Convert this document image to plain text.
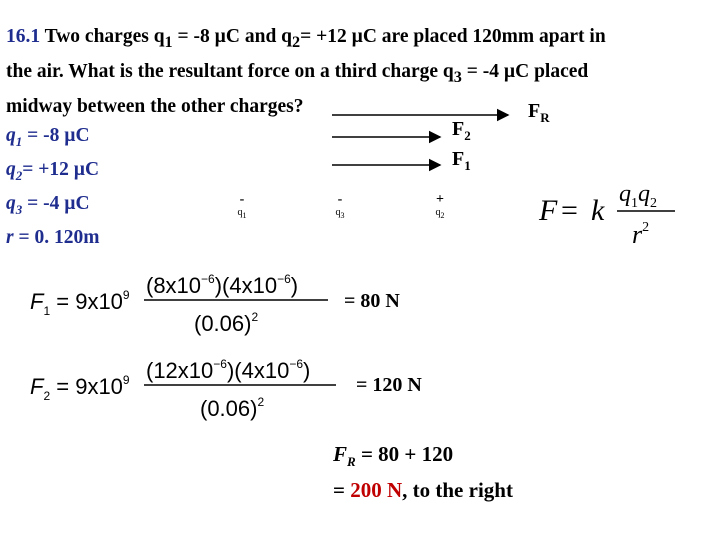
16.1 Two charges $q_1 = -8$ µC and $q_2= +12$ µC are placed 120mm apart in
the air. What is the resultant force on a third charge $q_3 = -4$ µC placed
midway between the other charges?
$q_1 = -8$ µC
$q_2= +12$ µC
$q_3 = -4$ µC
r = 0. 120m
$F_R$
$F_2$
$F_1$
-
$q_1$
-
$q_3$
+
$q_2$	F = k $q_1q_2$
$r^2$
$F_1 = 9x10^9$ $(8x10^{-6})(4x10^{-6})$
$(0.06)^2$
= 80 N
$F_2 = 9x10^9$ $(12x10^{-6})(4x10^{-6})$
$(0.06)^2$
= 120 N
$F_R = 80 + 120$
= 200 N, to the right
